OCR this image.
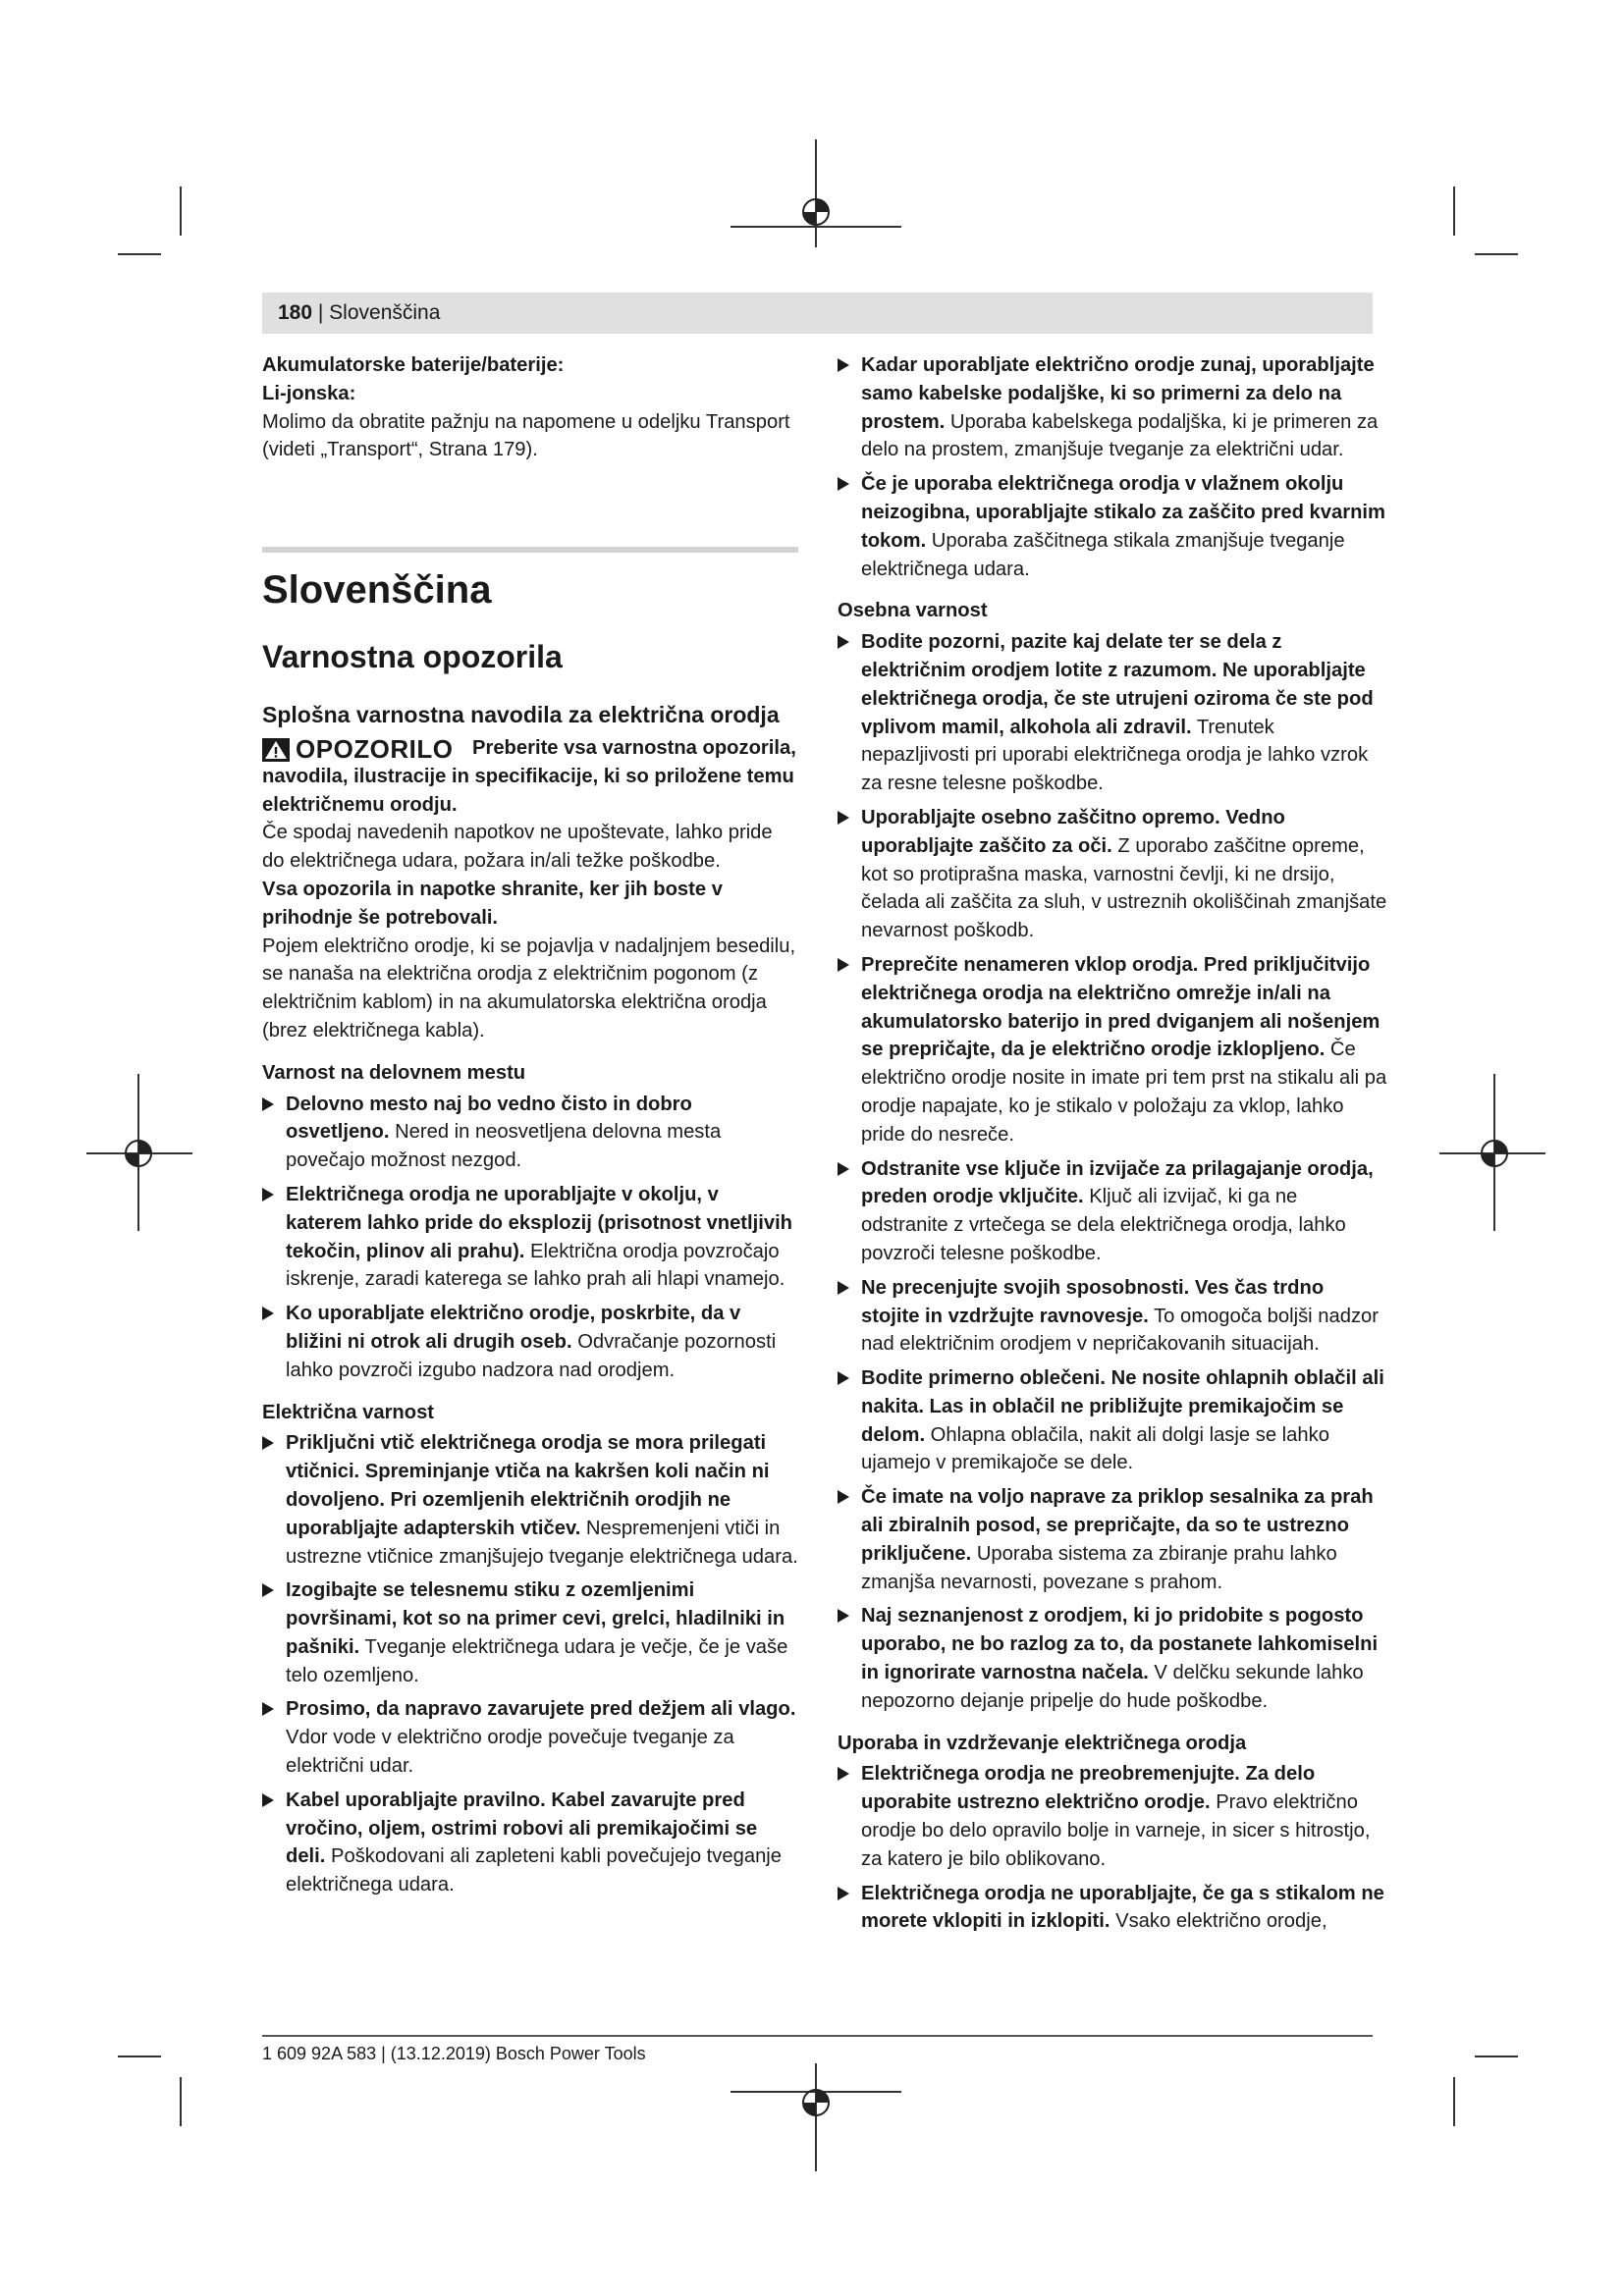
180 | Slovenščina

Akumulatorske baterije/baterije:

Li-jonska:

Molimo da obratite pažnju na napomene u odeljku Transport (videti „Transport“, Strana 179).

Slovenščina
Varnostna opozorila
Splošna varnostna navodila za električna orodja
OPOZORILO Preberite vsa varnostna opozorila, navodila, ilustracije in specifikacije, ki so priložene temu električnemu orodju.
Če spodaj navedenih napotkov ne upoštevate, lahko pride do električnega udara, požara in/ali težke poškodbe.

Vsa opozorila in napotke shranite, ker jih boste v prihodnje še potrebovali.

Pojem električno orodje, ki se pojavlja v nadaljnjem besedilu, se nanaša na električna orodja z električnim pogonom (z električnim kablom) in na akumulatorska električna orodja (brez električnega kabla).

Varnost na delovnem mestu

Delovno mesto naj bo vedno čisto in dobro osvetljeno. Nered in neosvetljena delovna mesta povečajo možnost nezgod.
Električnega orodja ne uporabljajte v okolju, v katerem lahko pride do eksplozij (prisotnost vnetljivih tekočin, plinov ali prahu). Električna orodja povzročajo iskrenje, zaradi katerega se lahko prah ali hlapi vnamejo.
Ko uporabljate električno orodje, poskrbite, da v bližini ni otrok ali drugih oseb. Odvračanje pozornosti lahko povzroči izgubo nadzora nad orodjem.

Električna varnost

Priključni vtič električnega orodja se mora prilegati vtičnici. Spreminjanje vtiča na kakršen koli način ni dovoljeno. Pri ozemljenih električnih orodjih ne uporabljajte adapterskih vtičev. Nespremenjeni vtiči in ustrezne vtičnice zmanjšujejo tveganje električnega udara.
Izogibajte se telesnemu stiku z ozemljenimi površinami, kot so na primer cevi, grelci, hladilniki in pašniki. Tveganje električnega udara je večje, če je vaše telo ozemljeno.
Prosimo, da napravo zavarujete pred dežjem ali vlago. Vdor vode v električno orodje povečuje tveganje za električni udar.
Kabel uporabljajte pravilno. Kabel zavarujte pred vročino, oljem, ostrimi robovi ali premikajočimi se deli. Poškodovani ali zapleteni kabli povečujejo tveganje električnega udara.
Kadar uporabljate električno orodje zunaj, uporabljajte samo kabelske podaljške, ki so primerni za delo na prostem. Uporaba kabelskega podaljška, ki je primeren za delo na prostem, zmanjšuje tveganje za električni udar.
Če je uporaba električnega orodja v vlažnem okolju neizogibna, uporabljajte stikalo za zaščito pred kvarnim tokom. Uporaba zaščitnega stikala zmanjšuje tveganje električnega udara.

Osebna varnost

Bodite pozorni, pazite kaj delate ter se dela z električnim orodjem lotite z razumom. Ne uporabljajte električnega orodja, če ste utrujeni oziroma če ste pod vplivom mamil, alkohola ali zdravil. Trenutek nepazljivosti pri uporabi električnega orodja je lahko vzrok za resne telesne poškodbe.
Uporabljajte osebno zaščitno opremo. Vedno uporabljajte zaščito za oči. Z uporabo zaščitne opreme, kot so protiprašna maska, varnostni čevlji, ki ne drsijo, čelada ali zaščita za sluh, v ustreznih okoliščinah zmanjšate nevarnost poškodb.
Preprečite nenameren vklop orodja. Pred priključitvijo električnega orodja na električno omrežje in/ali na akumulatorsko baterijo in pred dviganjem ali nošenjem se prepričajte, da je električno orodje izklopljeno. Če električno orodje nosite in imate pri tem prst na stikalu ali pa orodje napajate, ko je stikalo v položaju za vklop, lahko pride do nesreče.
Odstranite vse ključe in izvijače za prilagajanje orodja, preden orodje vključite. Ključ ali izvijač, ki ga ne odstranite z vrtečega se dela električnega orodja, lahko povzroči telesne poškodbe.
Ne precenjujte svojih sposobnosti. Ves čas trdno stojite in vzdržujte ravnovesje. To omogoča boljši nadzor nad električnim orodjem v nepričakovanih situacijah.
Bodite primerno oblečeni. Ne nosite ohlapnih oblačil ali nakita. Las in oblačil ne približujte premikajočim se delom. Ohlapna oblačila, nakit ali dolgi lasje se lahko ujamejo v premikajoče se dele.
Če imate na voljo naprave za priklop sesalnika za prah ali zbiralnih posod, se prepričajte, da so te ustrezno priključene. Uporaba sistema za zbiranje prahu lahko zmanjša nevarnosti, povezane s prahom.
Naj seznanjenost z orodjem, ki jo pridobite s pogosto uporabo, ne bo razlog za to, da postanete lahkomiselni in ignorirate varnostna načela. V delčku sekunde lahko nepozorno dejanje pripelje do hude poškodbe.

Uporaba in vzdrževanje električnega orodja

Električnega orodja ne preobremenjujte. Za delo uporabite ustrezno električno orodje. Pravo električno orodje bo delo opravilo bolje in varneje, in sicer s hitrostjo, za katero je bilo oblikovano.
Električnega orodja ne uporabljajte, če ga s stikalom ne morete vklopiti in izklopiti. Vsako električno orodje,
1 609 92A 583 | (13.12.2019) Bosch Power Tools
